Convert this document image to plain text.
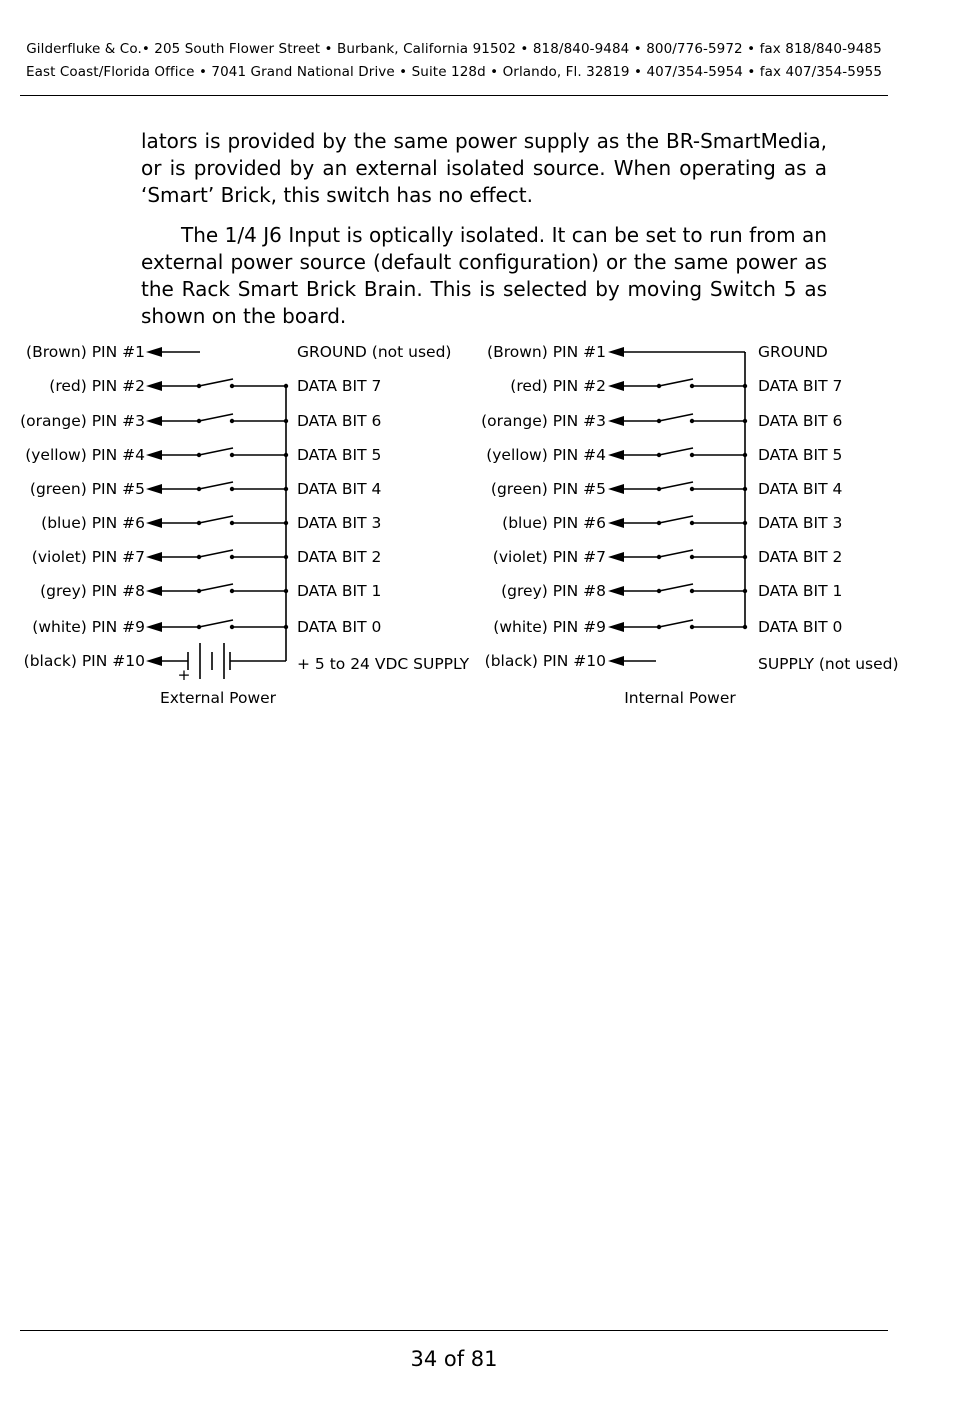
Gilderfluke & Co.• 205 South Flower Street • Burbank, California 91502 • 818/840-9484 • 800/776-5972 • fax 818/840-9485
East Coast/Florida Office • 7041 Grand National Drive • Suite 128d • Orlando, Fl. 32819 • 407/354-5954 • fax 407/354-5955

lators is provided by the same power supply as the BR-SmartMedia, or is provided by an external isolated source. When operating as a ‘Smart’ Brick, this switch has no effect.

The 1/4 J6 Input is optically isolated. It can be set to run from an external power source (default configuration) or the same power as the Rack Smart Brick Brain. This is selected by moving Switch 5 as shown on the board.

(Brown) PIN #1
(red) PIN #2
(orange) PIN #3
(yellow) PIN #4
(green) PIN #5
(blue) PIN #6
(violet) PIN #7
(grey) PIN #8
(white) PIN #9
(black) PIN #10
+
GROUND (not used)
DATA BIT 7
DATA BIT 6
DATA BIT 5
DATA BIT 4
DATA BIT 3
DATA BIT 2
DATA BIT 1
DATA BIT 0
+ 5 to 24 VDC SUPPLY
External Power
(Brown) PIN #1
(red) PIN #2
(orange) PIN #3
(yellow) PIN #4
(green) PIN #5
(blue) PIN #6
(violet) PIN #7
(grey) PIN #8
(white) PIN #9
(black) PIN #10
GROUND
DATA BIT 7
DATA BIT 6
DATA BIT 5
DATA BIT 4
DATA BIT 3
DATA BIT 2
DATA BIT 1
DATA BIT 0
SUPPLY (not used)
Internal Power
34 of 81
